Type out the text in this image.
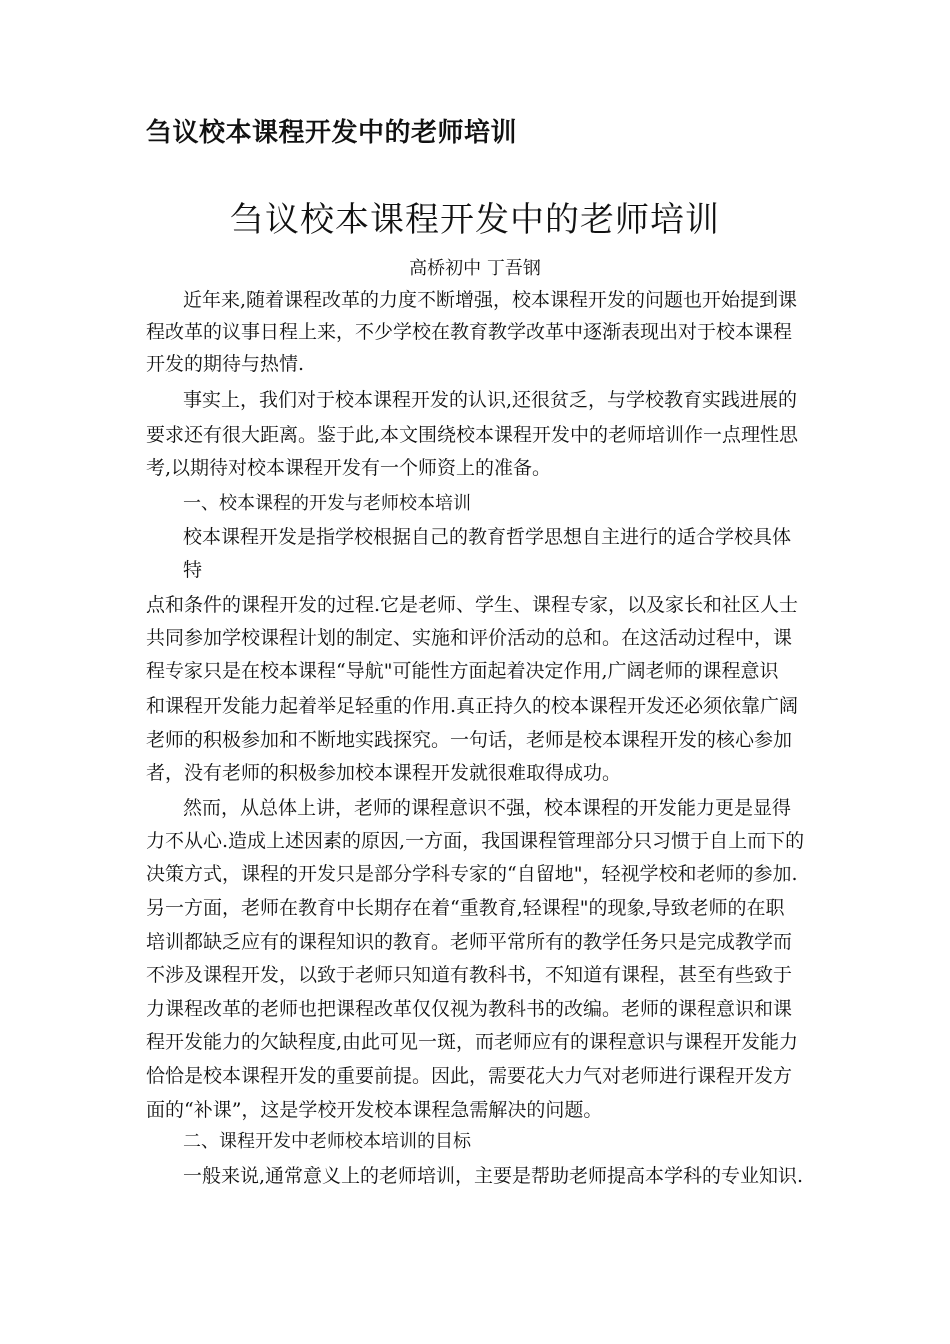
刍议校本课程开发中的老师培训
刍议校本课程开发中的老师培训
高桥初中 丁吾钢
近年来,随着课程改革的力度不断增强，校本课程开发的问题也开始提到课
程改革的议事日程上来，不少学校在教育教学改革中逐渐表现出对于校本课程
开发的期待与热情.
事实上，我们对于校本课程开发的认识,还很贫乏，与学校教育实践进展的
要求还有很大距离。鉴于此,本文围绕校本课程开发中的老师培训作一点理性思
考,以期待对校本课程开发有一个师资上的准备。
一、校本课程的开发与老师校本培训
校本课程开发是指学校根据自己的教育哲学思想自主进行的适合学校具体
特
点和条件的课程开发的过程.它是老师、学生、课程专家，以及家长和社区人士
共同参加学校课程计划的制定、实施和评价活动的总和。在这活动过程中，课
程专家只是在校本课程“导航"可能性方面起着决定作用,广阔老师的课程意识
和课程开发能力起着举足轻重的作用.真正持久的校本课程开发还必须依靠广阔
老师的积极参加和不断地实践探究。一句话，老师是校本课程开发的核心参加
者，没有老师的积极参加校本课程开发就很难取得成功。
然而，从总体上讲，老师的课程意识不强，校本课程的开发能力更是显得
力不从心.造成上述因素的原因,一方面，我国课程管理部分只习惯于自上而下的
决策方式，课程的开发只是部分学科专家的“自留地"，轻视学校和老师的参加.
另一方面，老师在教育中长期存在着“重教育,轻课程"的现象,导致老师的在职
培训都缺乏应有的课程知识的教育。老师平常所有的教学任务只是完成教学而
不涉及课程开发，以致于老师只知道有教科书，不知道有课程，甚至有些致于
力课程改革的老师也把课程改革仅仅视为教科书的改编。老师的课程意识和课
程开发能力的欠缺程度,由此可见一斑，而老师应有的课程意识与课程开发能力
恰恰是校本课程开发的重要前提。因此，需要花大力气对老师进行课程开发方
面的“补课”，这是学校开发校本课程急需解决的问题。
二、课程开发中老师校本培训的目标
一般来说,通常意义上的老师培训，主要是帮助老师提高本学科的专业知识.
